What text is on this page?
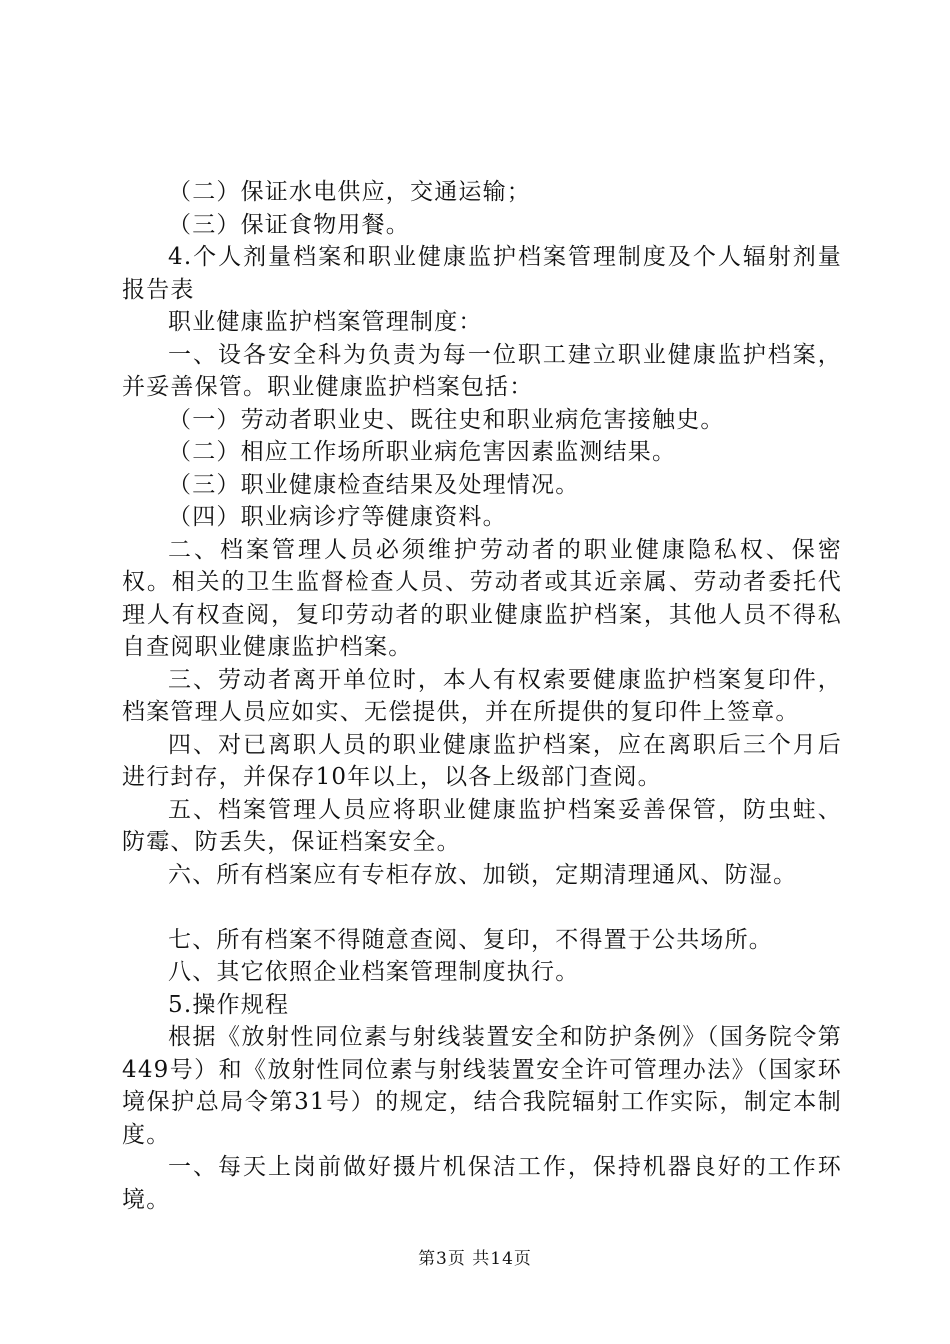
（二）保证水电供应，交通运输；

（三）保证食物用餐。

4.个人剂量档案和职业健康监护档案管理制度及个人辐射剂量报告表

职业健康监护档案管理制度：

一、设各安全科为负责为每一位职工建立职业健康监护档案，并妥善保管。职业健康监护档案包括：

（一）劳动者职业史、既往史和职业病危害接触史。

（二）相应工作场所职业病危害因素监测结果。

（三）职业健康检查结果及处理情况。

（四）职业病诊疗等健康资料。

二、档案管理人员必须维护劳动者的职业健康隐私权、保密权。相关的卫生监督检查人员、劳动者或其近亲属、劳动者委托代理人有权查阅，复印劳动者的职业健康监护档案，其他人员不得私自查阅职业健康监护档案。

三、劳动者离开单位时，本人有权索要健康监护档案复印件，档案管理人员应如实、无偿提供，并在所提供的复印件上签章。

四、对已离职人员的职业健康监护档案，应在离职后三个月后进行封存，并保存10年以上，以各上级部门查阅。

五、档案管理人员应将职业健康监护档案妥善保管，防虫蛀、防霉、防丢失，保证档案安全。

六、所有档案应有专柜存放、加锁，定期清理通风、防湿。

七、所有档案不得随意查阅、复印，不得置于公共场所。

八、其它依照企业档案管理制度执行。

5.操作规程

根据《放射性同位素与射线装置安全和防护条例》（国务院令第449号）和《放射性同位素与射线装置安全许可管理办法》（国家环境保护总局令第31号）的规定，结合我院辐射工作实际，制定本制度。

一、每天上岗前做好摄片机保洁工作，保持机器良好的工作环境。

第3页 共14页
